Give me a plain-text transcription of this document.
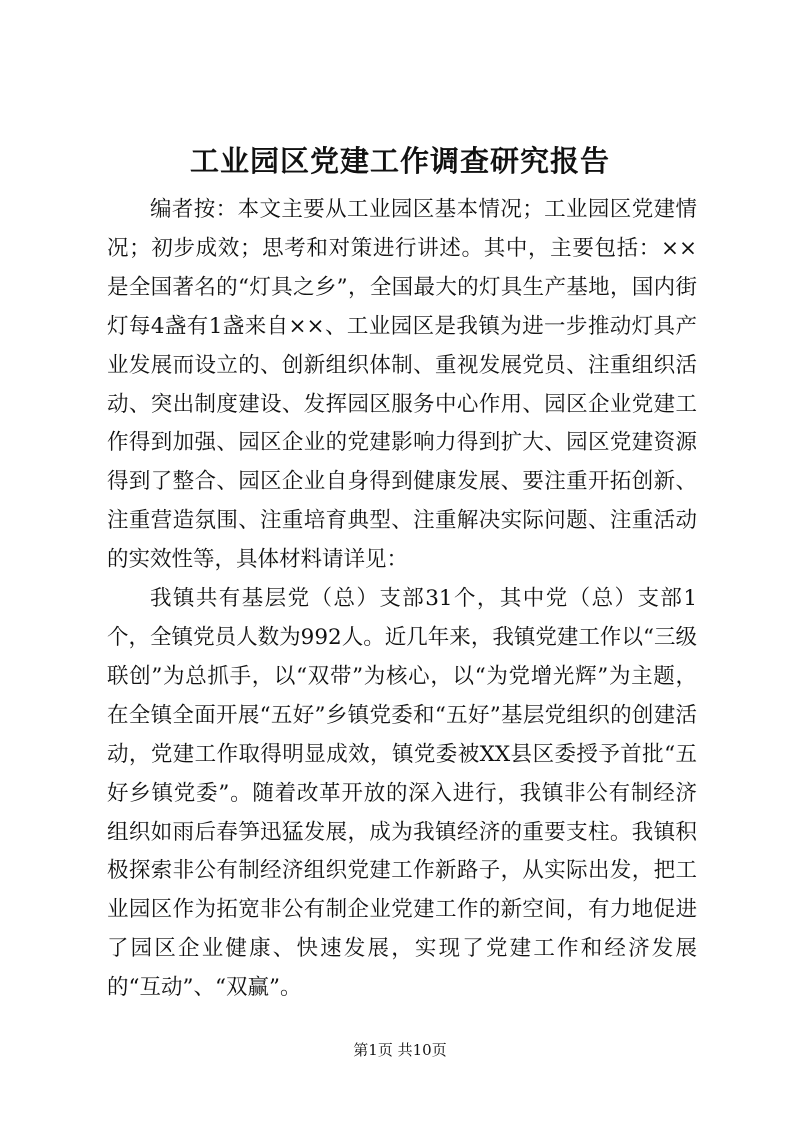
工业园区党建工作调查研究报告

编者按：本文主要从工业园区基本情况；工业园区党建情况；初步成效；思考和对策进行讲述。其中，主要包括：××是全国著名的“灯具之乡”，全国最大的灯具生产基地，国内街灯每4盏有1盏来自××、工业园区是我镇为进一步推动灯具产业发展而设立的、创新组织体制、重视发展党员、注重组织活动、突出制度建设、发挥园区服务中心作用、园区企业党建工作得到加强、园区企业的党建影响力得到扩大、园区党建资源得到了整合、园区企业自身得到健康发展、要注重开拓创新、注重营造氛围、注重培育典型、注重解决实际问题、注重活动的实效性等，具体材料请详见：

我镇共有基层党（总）支部31个，其中党（总）支部1个，全镇党员人数为992人。近几年来，我镇党建工作以“三级联创”为总抓手，以“双带”为核心，以“为党增光辉”为主题，在全镇全面开展“五好”乡镇党委和“五好”基层党组织的创建活动，党建工作取得明显成效，镇党委被XX县区委授予首批“五好乡镇党委”。随着改革开放的深入进行，我镇非公有制经济组织如雨后春笋迅猛发展，成为我镇经济的重要支柱。我镇积极探索非公有制经济组织党建工作新路子，从实际出发，把工业园区作为拓宽非公有制企业党建工作的新空间，有力地促进了园区企业健康、快速发展，实现了党建工作和经济发展的“互动”、“双赢”。

第1页 共10页
